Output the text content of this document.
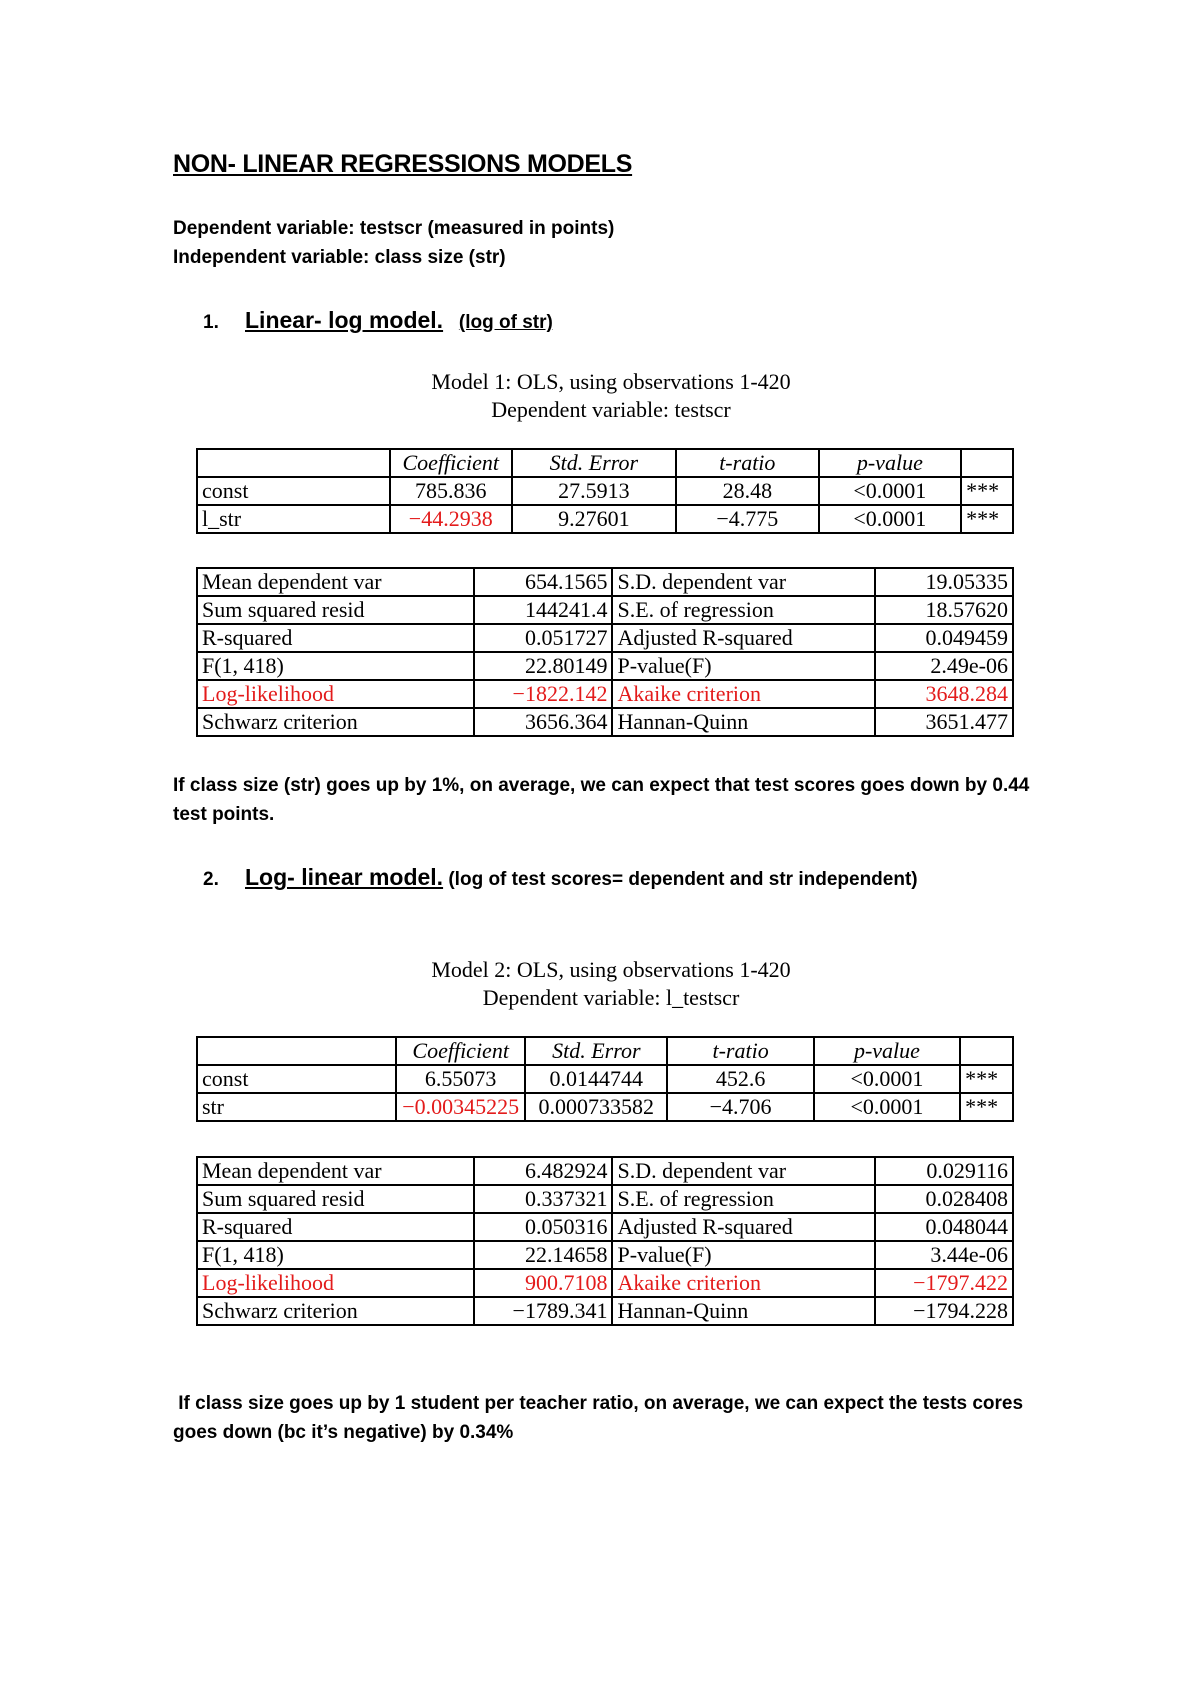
NON- LINEAR REGRESSIONS MODELS
Dependent variable: testscr (measured in points)
Independent variable: class size (str)
1. Linear- log model. (log of str)
Model 1: OLS, using observations 1-420
Dependent variable: testscr
	Coefficient	Std. Error	t-ratio	p-value	
const	785.836	27.5913	28.48	<0.0001	***
l_str	−44.2938	9.27601	−4.775	<0.0001	***
Mean dependent var	654.1565	S.D. dependent var	19.05335
Sum squared resid	144241.4	S.E. of regression	18.57620
R-squared	0.051727	Adjusted R-squared	0.049459
F(1, 418)	22.80149	P-value(F)	2.49e-06
Log-likelihood	−1822.142	Akaike criterion	3648.284
Schwarz criterion	3656.364	Hannan-Quinn	3651.477
If class size (str) goes up by 1%, on average, we can expect that test scores goes down by 0.44 test points.
2. Log- linear model. (log of test scores= dependent and str independent)
Model 2: OLS, using observations 1-420
Dependent variable: l_testscr
	Coefficient	Std. Error	t-ratio	p-value	
const	6.55073	0.0144744	452.6	<0.0001	***
str	−0.00345225	0.000733582	−4.706	<0.0001	***
Mean dependent var	6.482924	S.D. dependent var	0.029116
Sum squared resid	0.337321	S.E. of regression	0.028408
R-squared	0.050316	Adjusted R-squared	0.048044
F(1, 418)	22.14658	P-value(F)	3.44e-06
Log-likelihood	900.7108	Akaike criterion	−1797.422
Schwarz criterion	−1789.341	Hannan-Quinn	−1794.228
If class size goes up by 1 student per teacher ratio, on average, we can expect the tests cores goes down (bc it’s negative) by 0.34%
